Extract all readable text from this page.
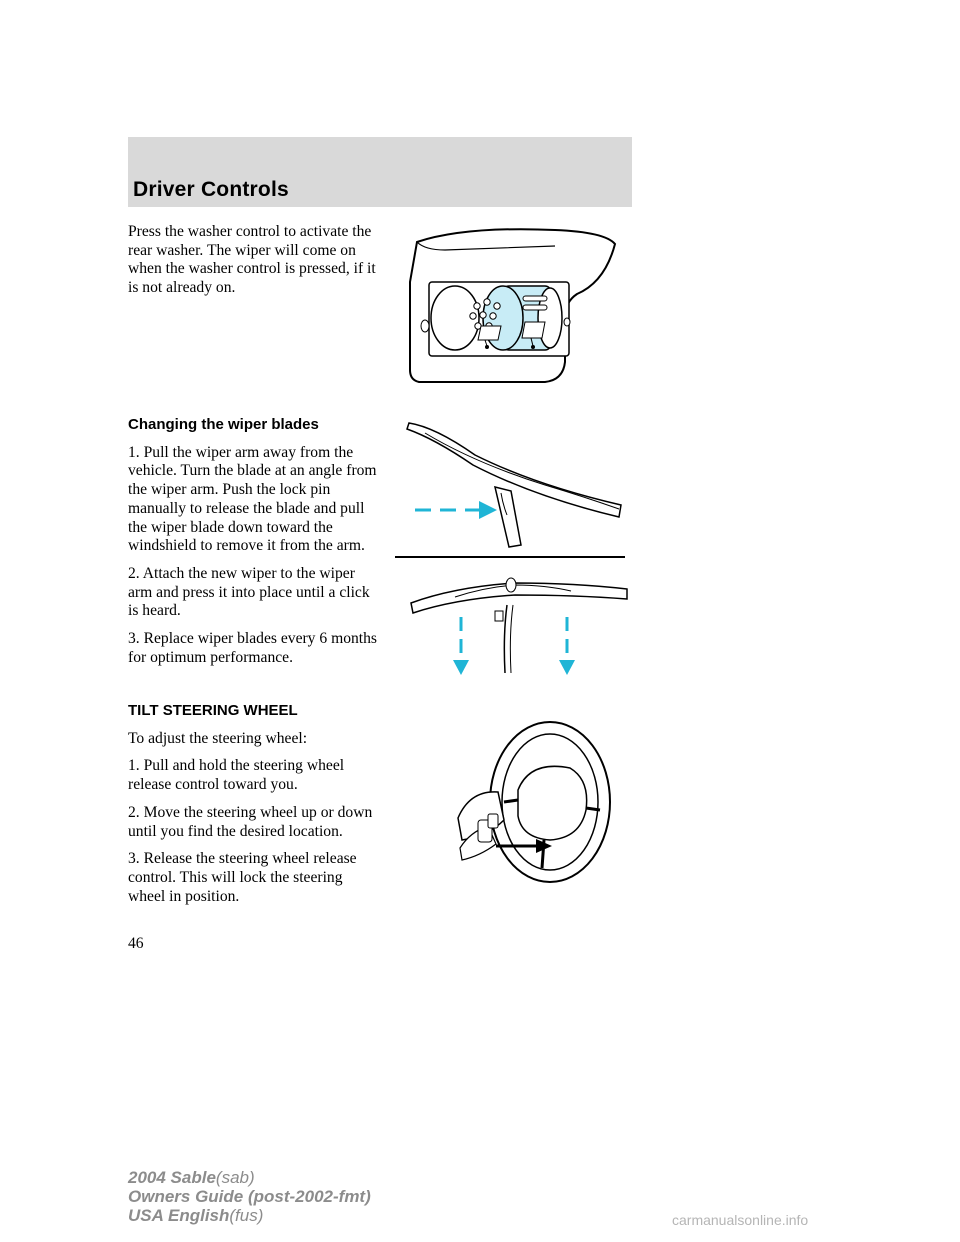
Driver Controls

Press the washer control to activate the rear washer. The wiper will come on when the washer control is pressed, if it is not already on.

Changing the wiper blades

1. Pull the wiper arm away from the vehicle. Turn the blade at an angle from the wiper arm. Push the lock pin manually to release the blade and pull the wiper blade down toward the windshield to remove it from the arm.

2. Attach the new wiper to the wiper arm and press it into place until a click is heard.

3. Replace wiper blades every 6 months for optimum performance.

TILT STEERING WHEEL

To adjust the steering wheel:

1. Pull and hold the steering wheel release control toward you.

2. Move the steering wheel up or down until you find the desired location.

3. Release the steering wheel release control. This will lock the steering wheel in position.

46
2004 Sable(sab)
Owners Guide (post-2002-fmt)
USA English(fus)	carmanualsonline.info
